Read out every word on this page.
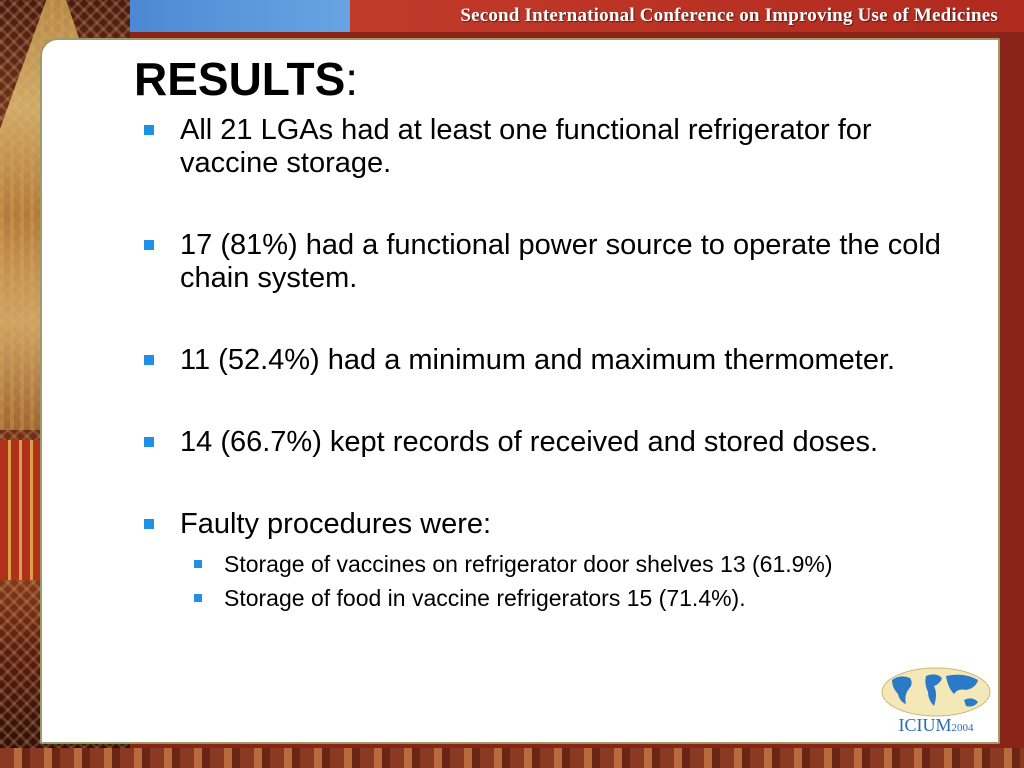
Second International Conference on Improving Use of Medicines
RESULTS:
All 21 LGAs had at least one functional refrigerator for vaccine storage.
17 (81%) had a functional power source to operate the cold chain system.
11 (52.4%) had a minimum and maximum thermometer.
14 (66.7%) kept records of received and stored doses.
Faulty procedures were:
Storage of vaccines on refrigerator door shelves 13 (61.9%)
Storage of food in vaccine refrigerators 15 (71.4%).
ICIUM2004
